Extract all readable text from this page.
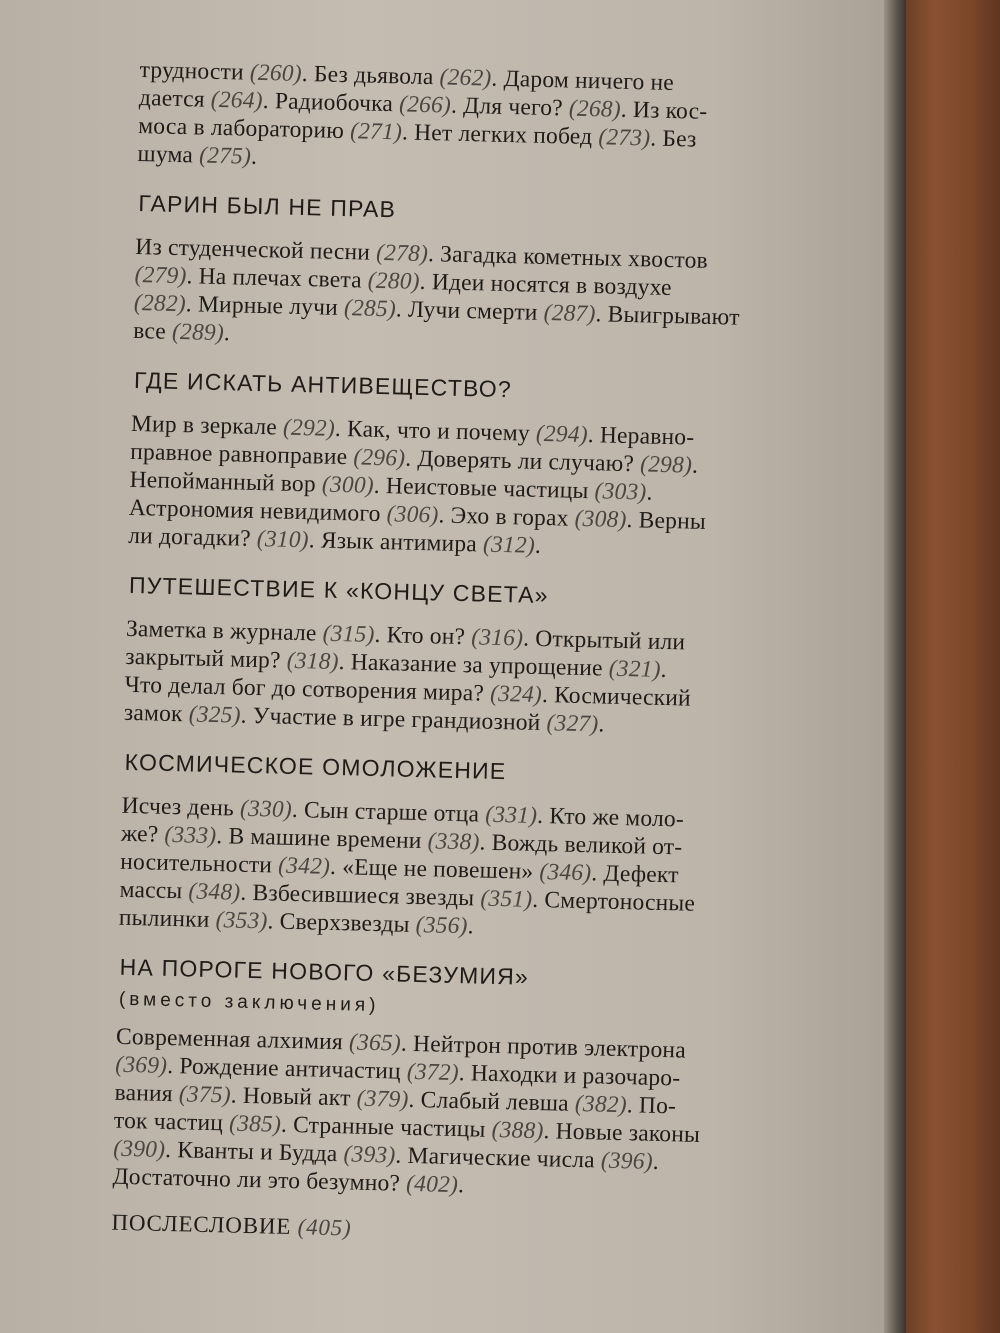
трудности (260). Без дьявола (262). Даром ничего не
дается (264). Радиобочка (266). Для чего? (268). Из кос-
моса в лабораторию (271). Нет легких побед (273). Без
шума (275).
ГАРИН БЫЛ НЕ ПРАВ
Из студенческой песни (278). Загадка кометных хвостов
(279). На плечах света (280). Идеи носятся в воздухе
(282). Мирные лучи (285). Лучи смерти (287). Выигрывают
все (289).
ГДЕ ИСКАТЬ АНТИВЕЩЕСТВО?
Мир в зеркале (292). Как, что и почему (294). Неравно-
правное равноправие (296). Доверять ли случаю? (298).
Непойманный вор (300). Неистовые частицы (303).
Астрономия невидимого (306). Эхо в горах (308). Верны
ли догадки? (310). Язык антимира (312).
ПУТЕШЕСТВИЕ К «КОНЦУ СВЕТА»
Заметка в журнале (315). Кто он? (316). Открытый или
закрытый мир? (318). Наказание за упрощение (321).
Что делал бог до сотворения мира? (324). Космический
замок (325). Участие в игре грандиозной (327).
КОСМИЧЕСКОЕ ОМОЛОЖЕНИЕ
Исчез день (330). Сын старше отца (331). Кто же моло-
же? (333). В машине времени (338). Вождь великой от-
носительности (342). «Еще не повешен» (346). Дефект
массы (348). Взбесившиеся звезды (351). Смертоносные
пылинки (353). Сверхзвезды (356).
НА ПОРОГЕ НОВОГО «БЕЗУМИЯ»
(вместо заключения)
Современная алхимия (365). Нейтрон против электрона
(369). Рождение античастиц (372). Находки и разочаро-
вания (375). Новый акт (379). Слабый левша (382). По-
ток частиц (385). Странные частицы (388). Новые законы
(390). Кванты и Будда (393). Магические числа (396).
Достаточно ли это безумно? (402).
ПОСЛЕСЛОВИЕ (405)
